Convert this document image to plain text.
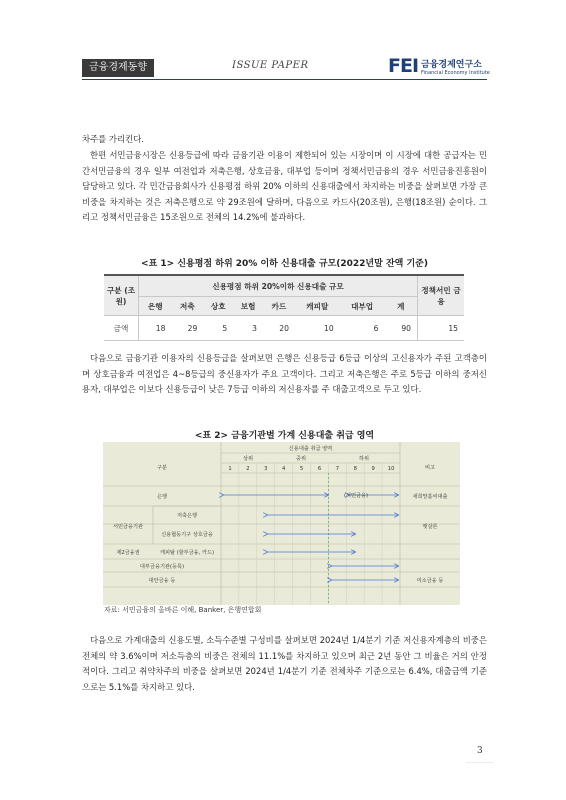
금융경제동향	ISSUE PAPER	FEI 금융경제연구소
Financial Economy Institute
차주를 가리킨다.
한편 서민금융시장은 신용등급에 따라 금융기관 이용이 제한되어 있는 시장이며 이 시장에 대한 공급자는 민간서민금융의 경우 일부 여전업과 저축은행, 상호금융, 대부업 등이며 정책서민금융의 경우 서민금융진흥원이 담당하고 있다. 각 민간금융회사가 신용평점 하위 20% 이하의 신용대출에서 차지하는 비중을 살펴보면 가장 큰 비중을 차지하는 것은 저축은행으로 약 29조원에 달하며, 다음으로 카드사(20조원), 은행(18조원) 순이다. 그리고 정책서민금융은 15조원으로 전체의 14.2%에 불과하다.
<표 1> 신용평점 하위 20% 이하 신용대출 규모(2022년말 잔액 기준)
구분 (조원)	신용평점 하위 20%이하 신용대출 규모								정책서민 금융
	은행	저축	상호	보험	카드	캐피탈	대부업	계	
금액	18	29	5	3	20	10	6	90	15
다음으로 금융기관 이용자의 신용등급을 살펴보면 은행은 신용등급 6등급 이상의 고신용자가 주된 고객층이며 상호금융과 여전업은 4~8등급의 중신용자가 주요 고객이다. 그리고 저축은행은 주로 5등급 이하의 중저신용자, 대부업은 이보다 신용등급이 낮은 7등급 이하의 저신용자를 주 대출고객으로 두고 있다.
<표 2> 금융기관별 가계 신용대출 취급 영역
신용대출 취급 영역
구분	비고
상위	중위	하위
1	2	3	4	5	6	7	8	9 10
은행
서민금융기관
저축은행
신용협동기구 상호금융
제2금융권	캐피탈 (할부금융, 카드)
대부금융기관(등록)
대안금융 등
(서민금융)	새희망홀씨대출
햇살론
미소금융 등
자료: 서민금융의 올바른 이해, Banker, 은행연합회
다음으로 가계대출의 신용도별, 소득수준별 구성비를 살펴보면 2024년 1/4분기 기준 저신용자계층의 비중은 전체의 약 3.6%이며 저소득층의 비중은 전체의 11.1%를 차지하고 있으며 최근 2년 동안 그 비율은 거의 안정적이다. 그리고 취약차주의 비중을 살펴보면 2024년 1/4분기 기준 전체차주 기준으로는 6.4%, 대출금액 기준으로는 5.1%를 차지하고 있다.
3
